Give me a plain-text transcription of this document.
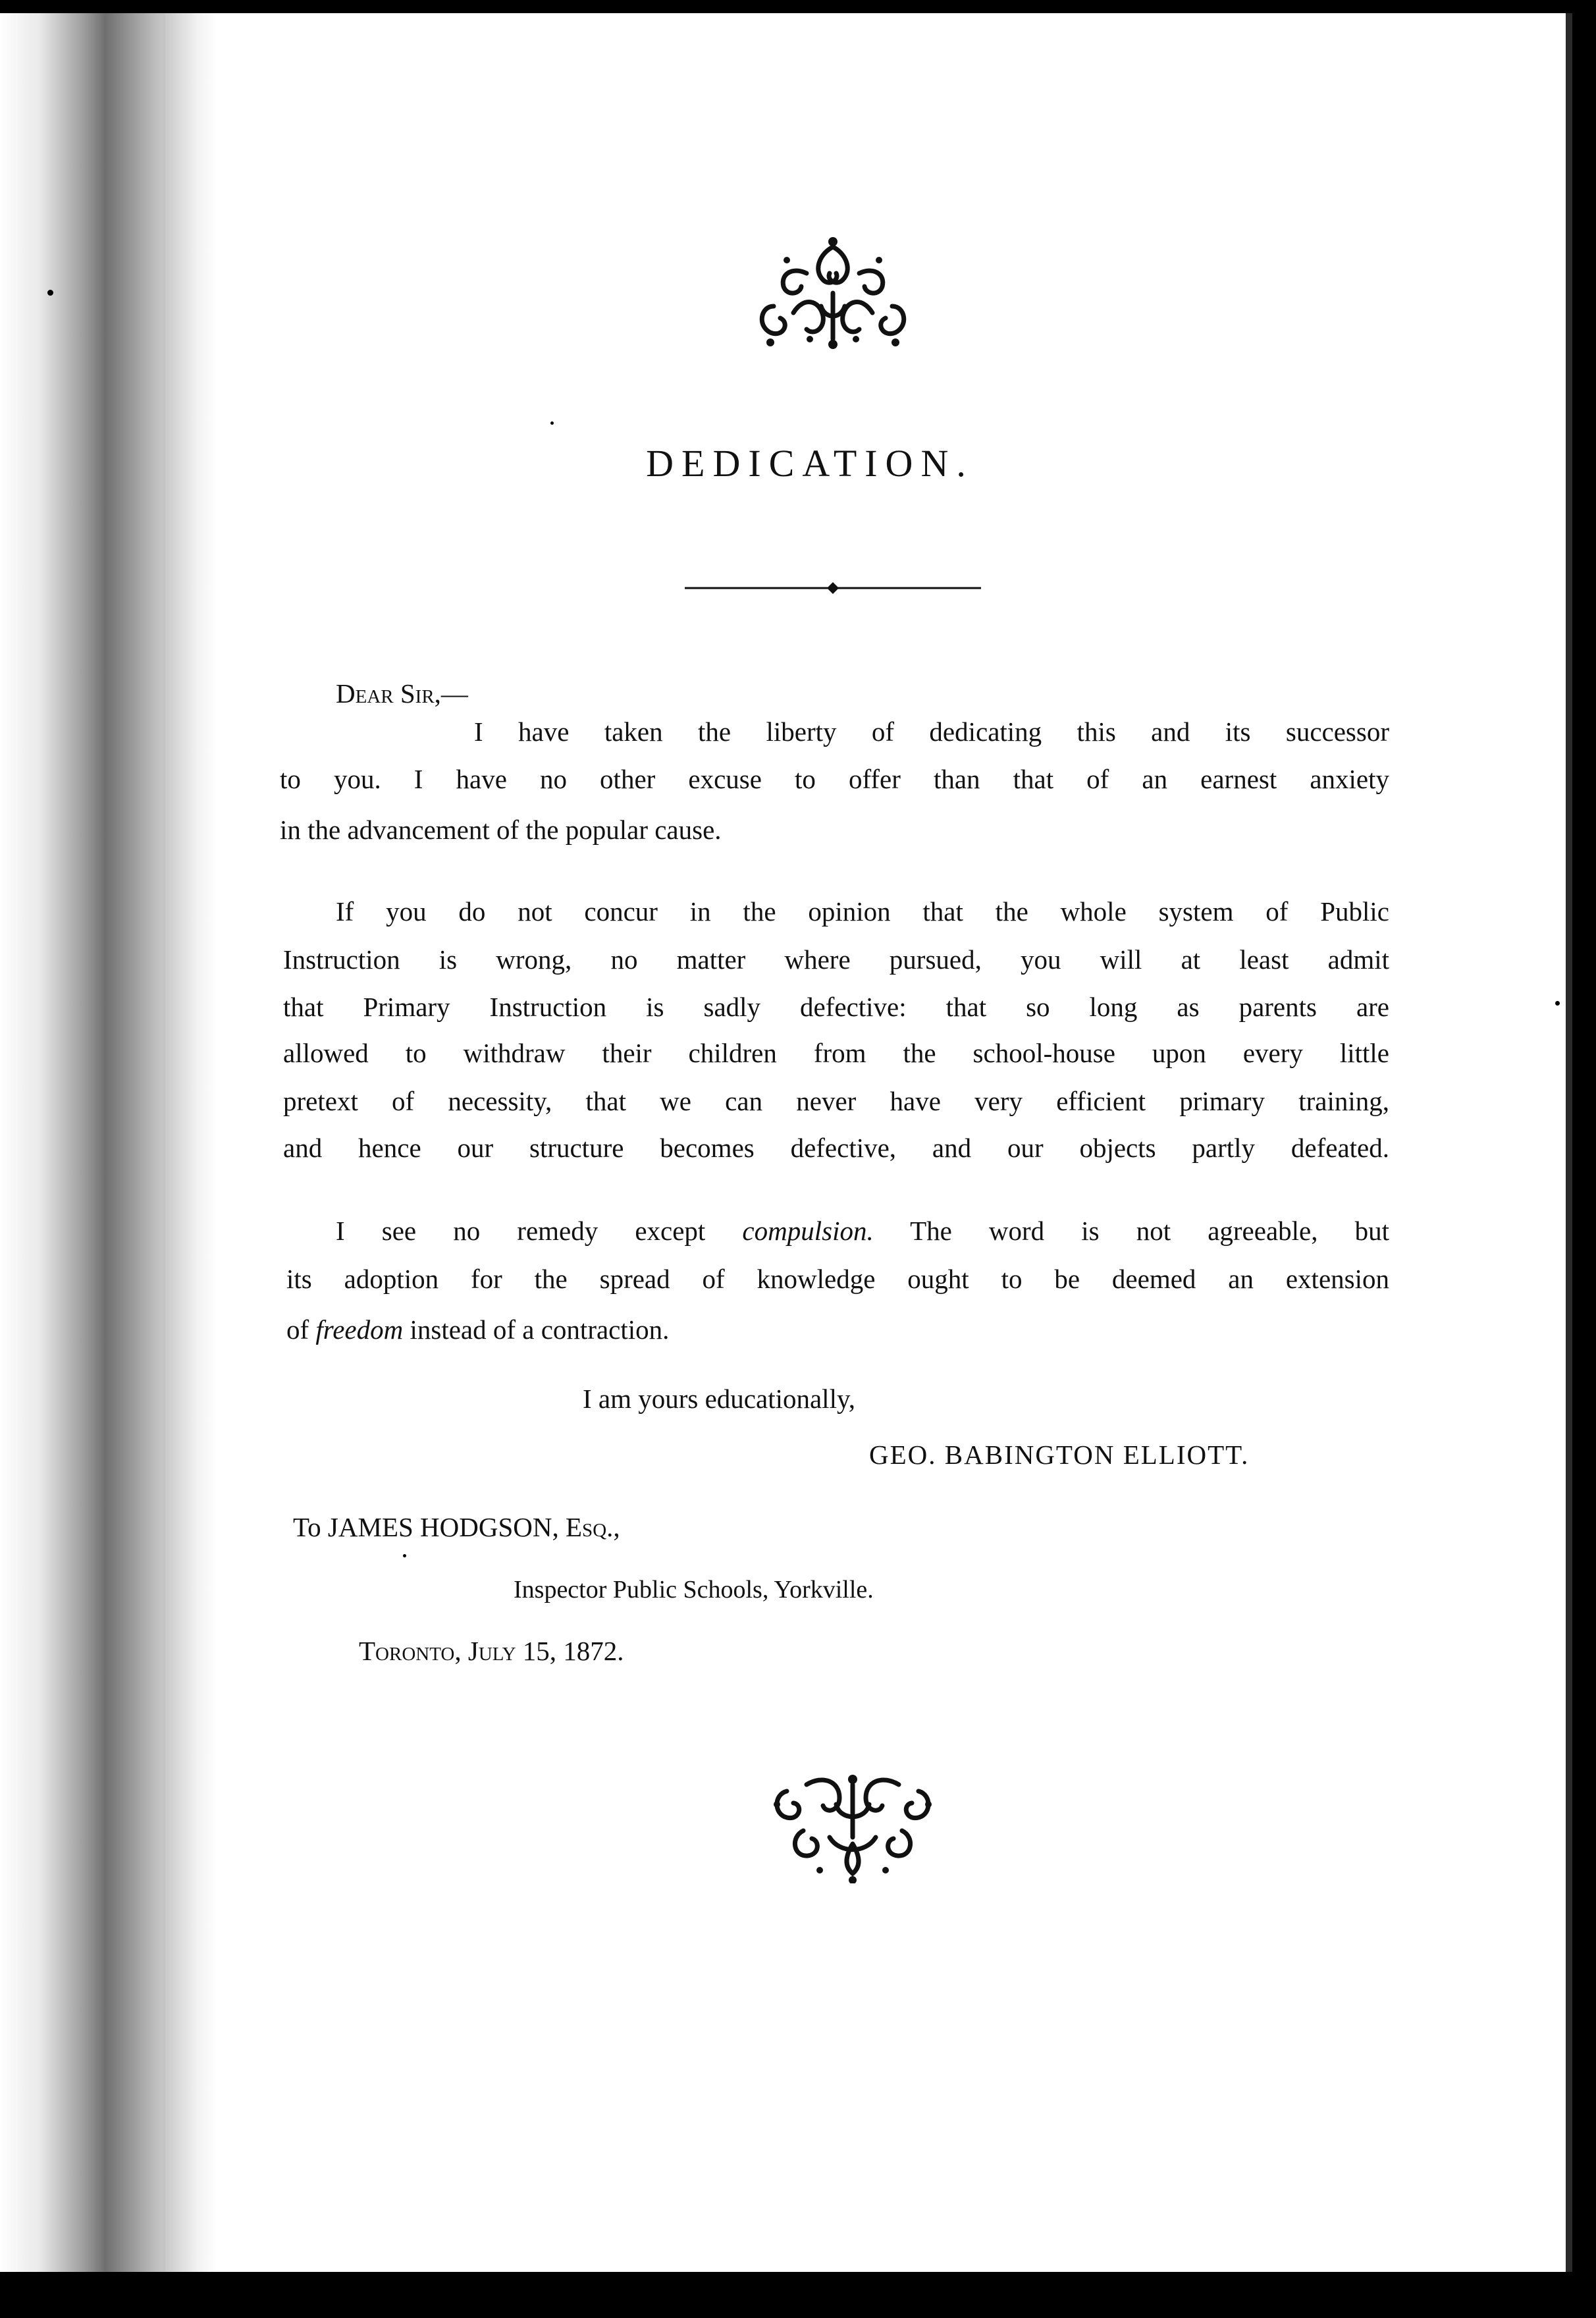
DEDICATION.
Dear Sir,—
I have taken the liberty of dedicating this and its successor
to you. I have no other excuse to offer than that of an earnest anxiety
in the advancement of the popular cause.
If you do not concur in the opinion that the whole system of Public
Instruction is wrong, no matter where pursued, you will at least admit
that Primary Instruction is sadly defective: that so long as parents are
allowed to withdraw their children from the school-house upon every little
pretext of necessity, that we can never have very efficient primary training,
and hence our structure becomes defective, and our objects partly defeated.
I see no remedy except compulsion. The word is not agreeable, but
its adoption for the spread of knowledge ought to be deemed an extension
of freedom instead of a contraction.
I am yours educationally,
GEO. BABINGTON ELLIOTT.
To JAMES HODGSON, Esq.,
Inspector Public Schools, Yorkville.
Toronto, July 15, 1872.
